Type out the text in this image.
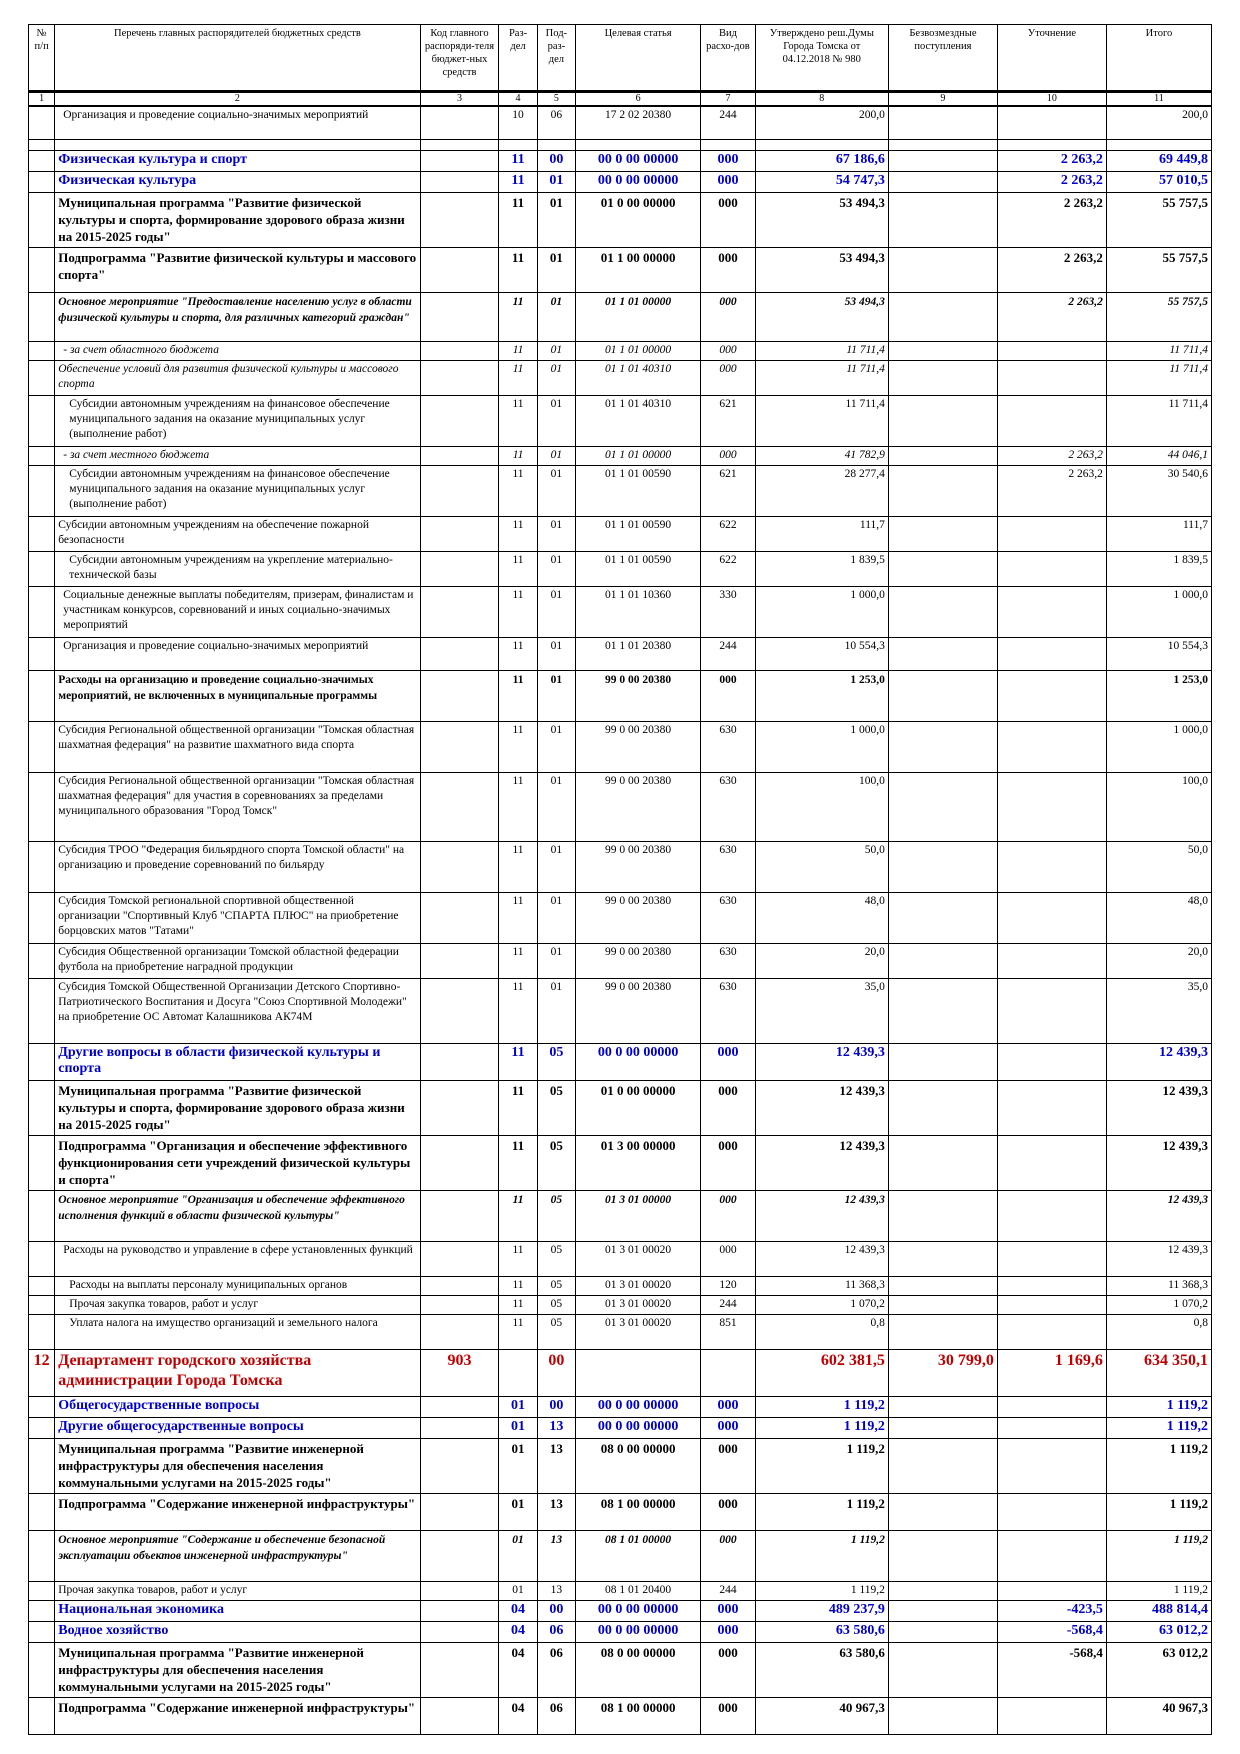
№ п/п	Перечень главных распорядителей бюджетных средств	Код главного распоряди-теля бюджет-ных средств	Раз-дел	Под-раз-дел	Целевая статья	Вид расхо-дов	Утверждено реш.Думы Города Томска от 04.12.2018 № 980	Безвозмездные поступления	Уточнение	Итого
1	2	3	4	5	6	7	8	9	10	11
	Организация и проведение социально-значимых мероприятий		10	06	17 2 02 20380	244	200,0			200,0

	Физическая культура и спорт		11	00	00 0 00 00000	000	67 186,6		2 263,2	69 449,8
	Физическая культура		11	01	00 0 00 00000	000	54 747,3		2 263,2	57 010,5
	Муниципальная программа "Развитие физической культуры и спорта, формирование здорового образа жизни на 2015-2025 годы"		11	01	01 0 00 00000	000	53 494,3		2 263,2	55 757,5
	Подпрограмма "Развитие физической культуры и массового спорта"		11	01	01 1 00 00000	000	53 494,3		2 263,2	55 757,5
	Основное мероприятие "Предоставление населению услуг в области физической культуры и спорта, для различных категорий граждан"		11	01	01 1 01 00000	000	53 494,3		2 263,2	55 757,5
	- за счет областного бюджета		11	01	01 1 01 00000	000	11 711,4			11 711,4
	Обеспечение условий для развития физической культуры и массового спорта		11	01	01 1 01 40310	000	11 711,4			11 711,4
	Субсидии автономным учреждениям на финансовое обеспечение муниципального задания на оказание муниципальных услуг (выполнение работ)		11	01	01 1 01 40310	621	11 711,4			11 711,4
	- за счет местного бюджета		11	01	01 1 01 00000	000	41 782,9		2 263,2	44 046,1
	Субсидии автономным учреждениям на финансовое обеспечение муниципального задания на оказание муниципальных услуг (выполнение работ)		11	01	01 1 01 00590	621	28 277,4		2 263,2	30 540,6
	Субсидии автономным учреждениям на обеспечение пожарной безопасности		11	01	01 1 01 00590	622	111,7			111,7
	Субсидии автономным учреждениям на укрепление материально-технической базы		11	01	01 1 01 00590	622	1 839,5			1 839,5
	Социальные денежные выплаты победителям, призерам, финалистам и участникам конкурсов, соревнований и иных социально-значимых мероприятий		11	01	01 1 01 10360	330	1 000,0			1 000,0
	Организация и проведение социально-значимых мероприятий		11	01	01 1 01 20380	244	10 554,3			10 554,3
	Расходы на организацию и проведение социально-значимых мероприятий, не включенных в муниципальные программы		11	01	99 0 00 20380	000	1 253,0			1 253,0
	Субсидия Региональной общественной организации "Томская областная шахматная федерация" на развитие шахматного вида спорта		11	01	99 0 00 20380	630	1 000,0			1 000,0
	Субсидия Региональной общественной организации "Томская областная шахматная федерация" для участия в соревнованиях за пределами муниципального образования "Город Томск"		11	01	99 0 00 20380	630	100,0			100,0
	Субсидия ТРОО "Федерация бильярдного спорта Томской области" на организацию и проведение соревнований по бильярду		11	01	99 0 00 20380	630	50,0			50,0
	Субсидия Томской региональной спортивной общественной организации "Спортивный Клуб "СПАРТА ПЛЮС" на приобретение борцовских матов "Татами"		11	01	99 0 00 20380	630	48,0			48,0
	Субсидия Общественной организации Томской областной федерации футбола на приобретение наградной продукции		11	01	99 0 00 20380	630	20,0			20,0
	Субсидия Томской Общественной Организации Детского Спортивно-Патриотического Воспитания и Досуга "Союз Спортивной Молодежи" на приобретение ОС Автомат Калашникова АК74М		11	01	99 0 00 20380	630	35,0			35,0
	Другие вопросы в области физической культуры и спорта		11	05	00 0 00 00000	000	12 439,3			12 439,3
	Муниципальная программа "Развитие физической культуры и спорта, формирование здорового образа жизни на 2015-2025 годы"		11	05	01 0 00 00000	000	12 439,3			12 439,3
	Подпрограмма "Организация и обеспечение эффективного функционирования сети учреждений физической культуры и спорта"		11	05	01 3 00 00000	000	12 439,3			12 439,3
	Основное мероприятие "Организация и обеспечение эффективного исполнения функций в области физической культуры"		11	05	01 3 01 00000	000	12 439,3			12 439,3
	Расходы на руководство и управление в сфере установленных функций		11	05	01 3 01 00020	000	12 439,3			12 439,3
	Расходы на выплаты персоналу муниципальных органов		11	05	01 3 01 00020	120	11 368,3			11 368,3
	Прочая закупка товаров, работ и услуг		11	05	01 3 01 00020	244	1 070,2			1 070,2
	Уплата налога на имущество организаций и земельного налога		11	05	01 3 01 00020	851	0,8			0,8
12	Департамент городского хозяйства администрации Города Томска	903		00			602 381,5	30 799,0	1 169,6	634 350,1
	Общегосударственные вопросы		01	00	00 0 00 00000	000	1 119,2			1 119,2
	Другие общегосударственные вопросы		01	13	00 0 00 00000	000	1 119,2			1 119,2
	Муниципальная программа "Развитие инженерной инфраструктуры для обеспечения населения коммунальными услугами на 2015-2025 годы"		01	13	08 0 00 00000	000	1 119,2			1 119,2
	Подпрограмма "Содержание инженерной инфраструктуры"		01	13	08 1 00 00000	000	1 119,2			1 119,2
	Основное мероприятие "Содержание и обеспечение безопасной эксплуатации объектов инженерной инфраструктуры"		01	13	08 1 01 00000	000	1 119,2			1 119,2
	Прочая закупка товаров, работ и услуг		01	13	08 1 01 20400	244	1 119,2			1 119,2
	Национальная экономика		04	00	00 0 00 00000	000	489 237,9		-423,5	488 814,4
	Водное хозяйство		04	06	00 0 00 00000	000	63 580,6		-568,4	63 012,2
	Муниципальная программа "Развитие инженерной инфраструктуры для обеспечения населения коммунальными услугами на 2015-2025 годы"		04	06	08 0 00 00000	000	63 580,6		-568,4	63 012,2
	Подпрограмма "Содержание инженерной инфраструктуры"		04	06	08 1 00 00000	000	40 967,3			40 967,3
